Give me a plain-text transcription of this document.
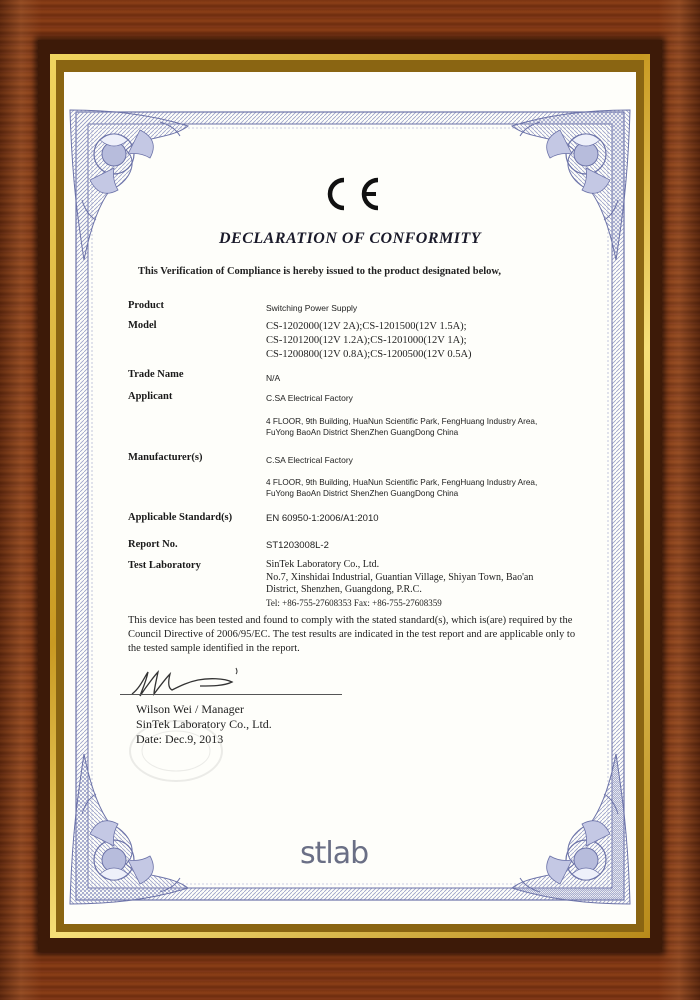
DECLARATION OF CONFORMITY
This Verification of Compliance is hereby issued to the product designated below,
Product	Switching Power Supply
Model	CS-1202000(12V 2A);CS-1201500(12V 1.5A);
CS-1201200(12V 1.2A);CS-1201000(12V 1A);
CS-1200800(12V 0.8A);CS-1200500(12V 0.5A)
Trade Name	N/A
Applicant	C.SA Electrical Factory
4 FLOOR, 9th Building, HuaNun Scientific Park, FengHuang Industry Area,
FuYong BaoAn District ShenZhen GuangDong China
Manufacturer(s)	C.SA Electrical Factory
4 FLOOR, 9th Building, HuaNun Scientific Park, FengHuang Industry Area,
FuYong BaoAn District ShenZhen GuangDong China
Applicable Standard(s)	EN 60950-1:2006/A1:2010
Report No.	ST1203008L-2
Test Laboratory	SinTek Laboratory Co., Ltd.
No.7, Xinshidai Industrial, Guantian Village, Shiyan Town, Bao'an
District, Shenzhen, Guangdong, P.R.C.
Tel: +86-755-27608353 Fax: +86-755-27608359
This device has been tested and found to comply with the stated standard(s), which is(are) required by the Council Directive of 2006/95/EC. The test results are indicated in the test report and are applicable only to the tested sample identified in the report.
Wilson Wei / Manager
SinTek Laboratory Co., Ltd.
Date: Dec.9, 2013
stlab
